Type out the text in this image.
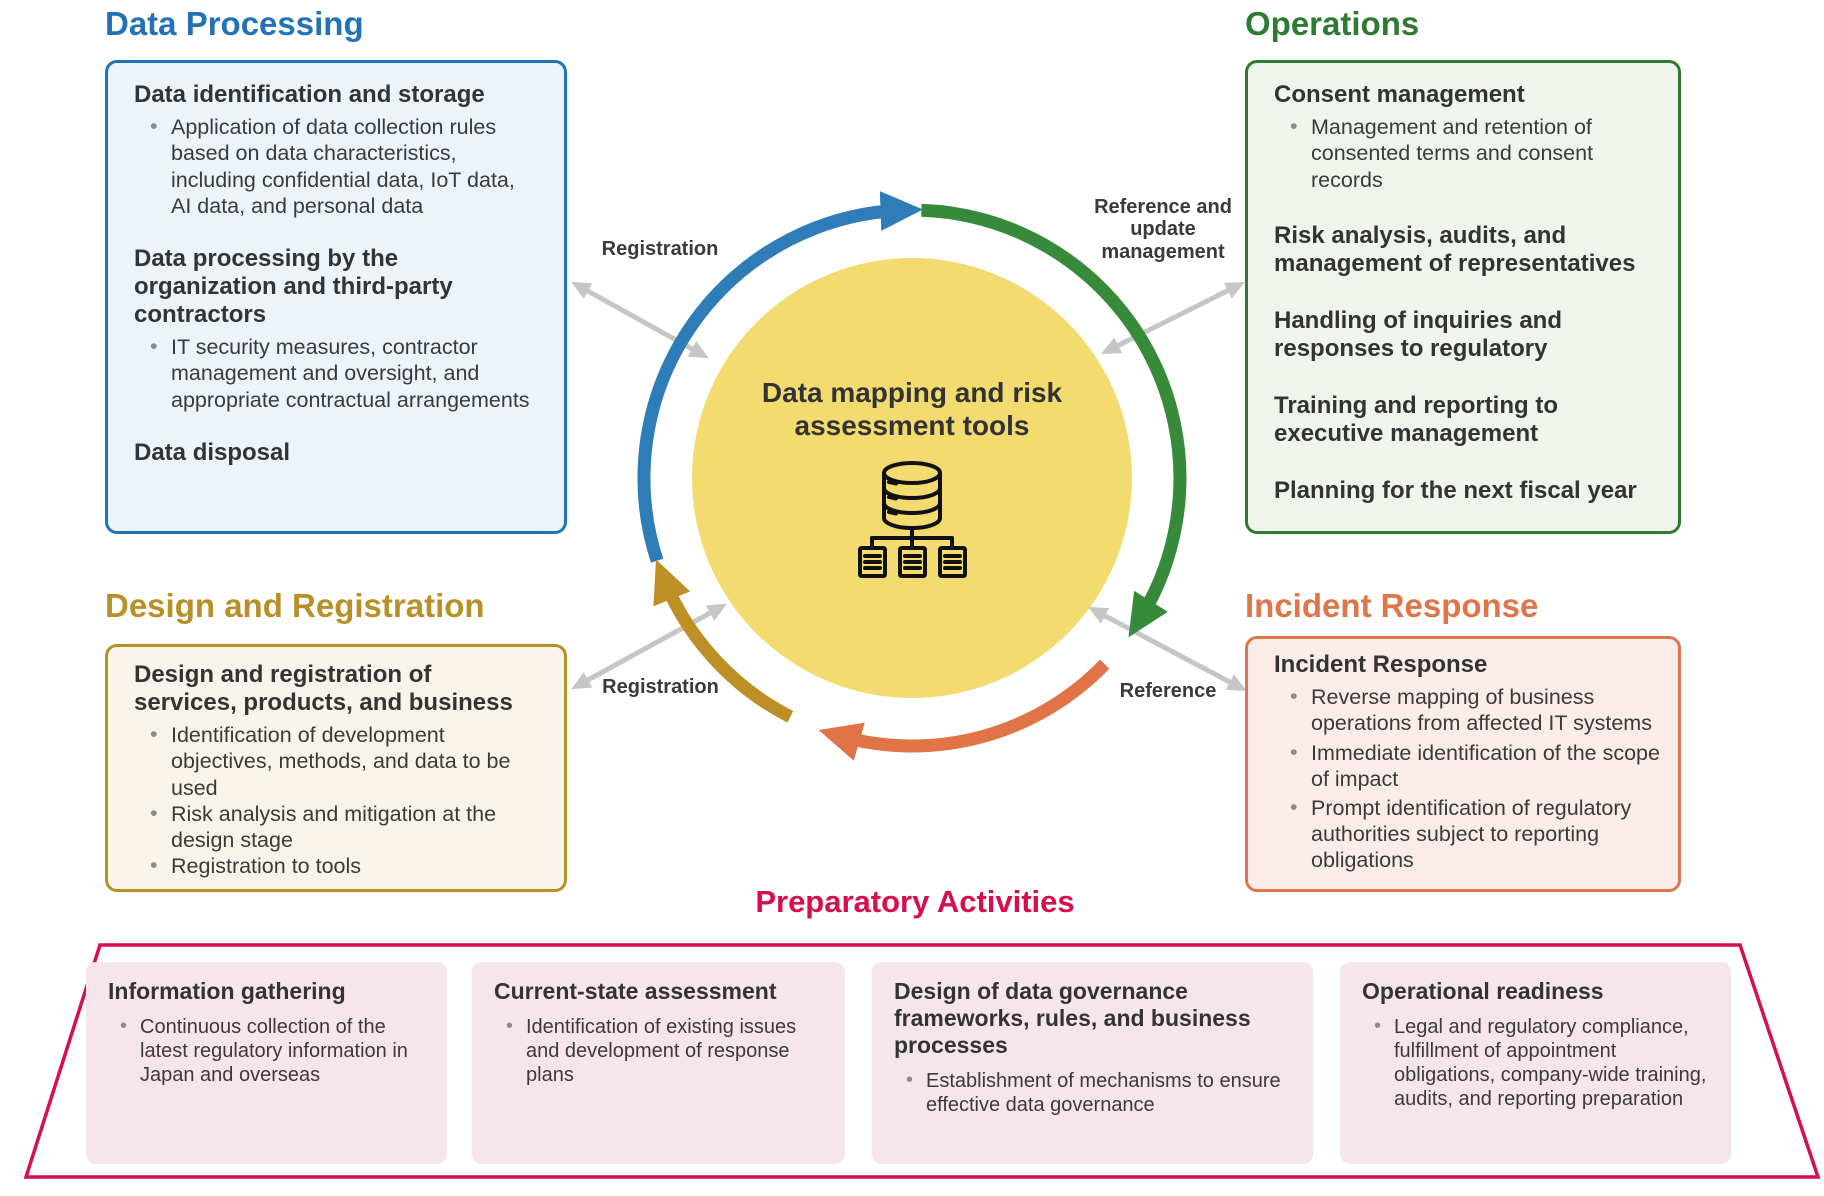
Data mapping and risk assessment tools
Data Processing
Data identification and storage
• Application of data collection rules based on data characteristics, including confidential data, IoT data, AI data, and personal data
Data processing by the organization and third-party contractors
• IT security measures, contractor management and oversight, and appropriate contractual arrangements
Data disposal
Operations
Consent management
• Management and retention of consented terms and consent records
Risk analysis, audits, and management of representatives
Handling of inquiries and responses to regulatory
Training and reporting to executive management
Planning for the next fiscal year
Design and Registration
Design and registration of services, products, and business
• Identification of development objectives, methods, and data to be used
• Risk analysis and mitigation at the design stage
• Registration to tools
Incident Response
Incident Response
• Reverse mapping of business operations from affected IT systems
• Immediate identification of the scope of impact
• Prompt identification of regulatory authorities subject to reporting obligations
Registration
Reference and update management
Reference
Registration
Preparatory Activities
Information gathering
• Continuous collection of the latest regulatory information in Japan and overseas
Current-state assessment
• Identification of existing issues and development of response plans
Design of data governance frameworks, rules, and business processes
• Establishment of mechanisms to ensure effective data governance
Operational readiness
• Legal and regulatory compliance, fulfillment of appointment obligations, company-wide training, audits, and reporting preparation
